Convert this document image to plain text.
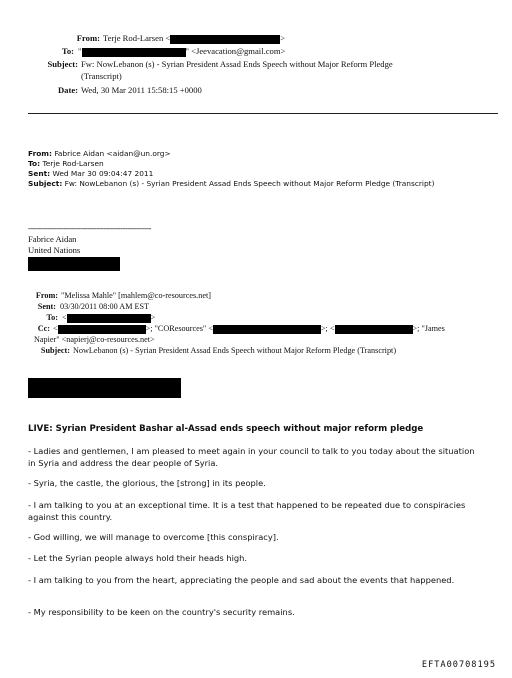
From: Terje Rod-Larsen <	>
To: "	" <Jeevacation@gmail.com>
Subject: Fw: NowLebanon (s) - Syrian President Assad Ends Speech without Major Reform Pledge
(Transcript)
Date: Wed, 30 Mar 2011 15:58:15 +0000
From: Fabrice Aidan <aidan@un.org>
To: Terje Rod-Larsen
Sent: Wed Mar 30 09:04:47 2011
Subject: Fw: NowLebanon (s) - Syrian President Assad Ends Speech without Major Reform Pledge (Transcript)
----------------------------------------------------
Fabrice Aidan
United Nations
From: "Melissa Mahle" [mahlem@co-resources.net]
Sent: 03/30/2011 08:00 AM EST
To: <	>
Cc: <	>; "COResources" <	>; <	>; "James
Napier" <napierj@co-resources.net>
Subject: NowLebanon (s) - Syrian President Assad Ends Speech without Major Reform Pledge (Transcript)
LIVE: Syrian President Bashar al-Assad ends speech without major reform pledge
- Ladies and gentlemen, I am pleased to meet again in your council to talk to you today about the situation in Syria and address the dear people of Syria.
- Syria, the castle, the glorious, the [strong] in its people.
- I am talking to you at an exceptional time. It is a test that happened to be repeated due to conspiracies against this country.
- God willing, we will manage to overcome [this conspiracy].
- Let the Syrian people always hold their heads high.
- I am talking to you from the heart, appreciating the people and sad about the events that happened.
- My responsibility to be keen on the country's security remains.
EFTA00708195
